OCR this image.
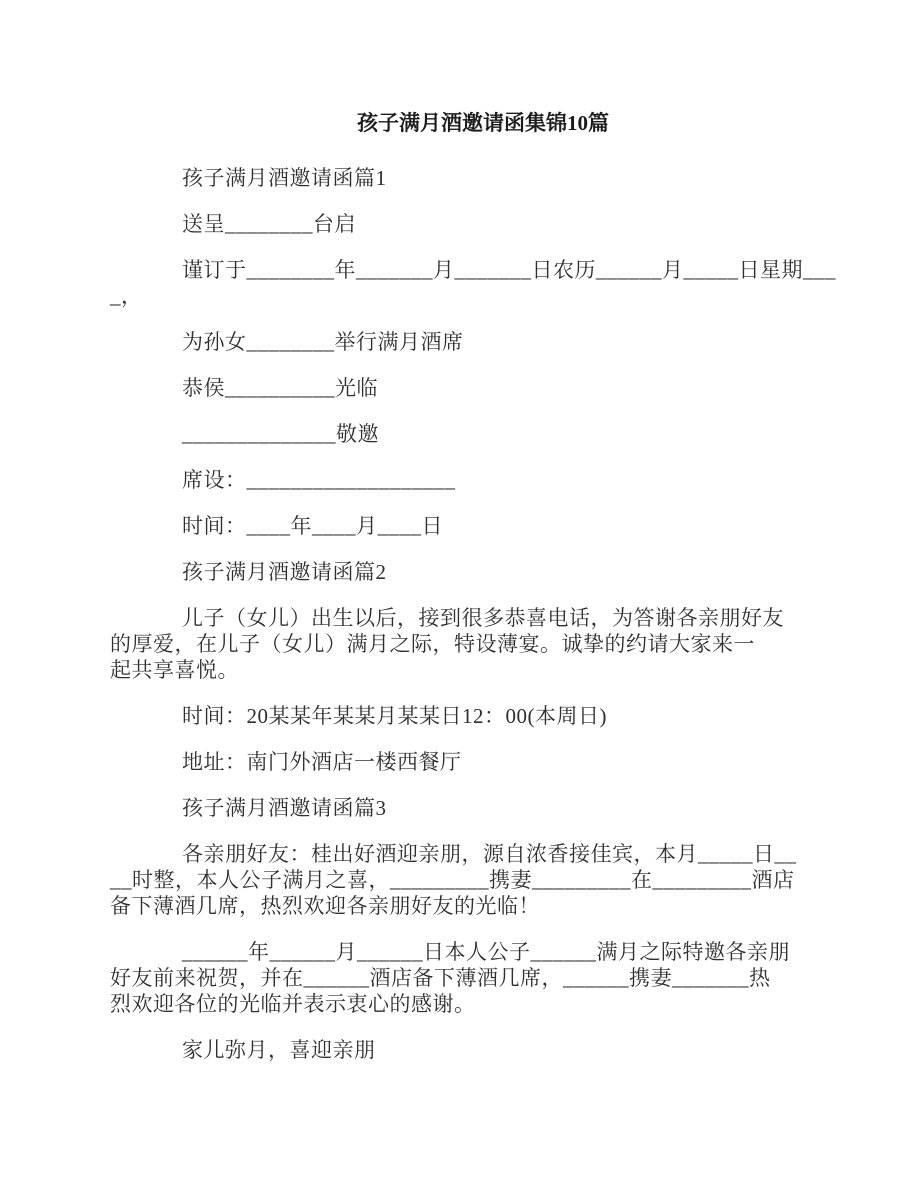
孩子满月酒邀请函集锦10篇
孩子满月酒邀请函篇1
送呈________台启
谨订于________年_______月_______日农历______月_____日星期___
_，
为孙女________举行满月酒席
恭侯__________光临
______________敬邀
席设：___________________
时间：____年____月____日
孩子满月酒邀请函篇2
儿子（女儿）出生以后，接到很多恭喜电话，为答谢各亲朋好友
的厚爱，在儿子（女儿）满月之际，特设薄宴。诚挚的约请大家来一
起共享喜悦。
时间：20某某年某某月某某日12：00(本周日)
地址：南门外酒店一楼西餐厅
孩子满月酒邀请函篇3
各亲朋好友：桂出好酒迎亲朋，源自浓香接佳宾，本月_____日__
__时整，本人公子满月之喜，_________携妻_________在_________酒店
备下薄酒几席，热烈欢迎各亲朋好友的光临！
______年______月______日本人公子______满月之际特邀各亲朋
好友前来祝贺，并在______酒店备下薄酒几席，______携妻_______热
烈欢迎各位的光临并表示衷心的感谢。
家儿弥月，喜迎亲朋
